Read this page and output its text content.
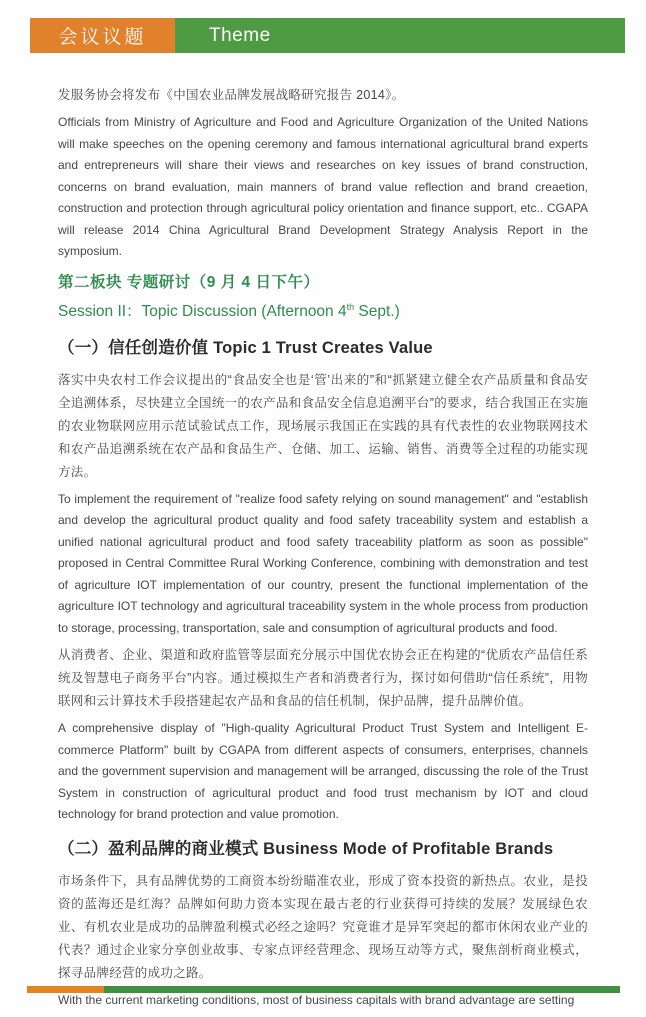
会议议题	Theme

发服务协会将发布《中国农业品牌发展战略研究报告 2014》。

Officials from Ministry of Agriculture and Food and Agriculture Organization of the United Nations will make speeches on the opening ceremony and famous international agricultural brand experts and entrepreneurs will share their views and researches on key issues of brand construction, concerns on brand evaluation, main manners of brand value reflection and brand creaetion, construction and protection through agricultural policy orientation and finance support, etc.. CGAPA will release 2014 China Agricultural Brand Development Strategy Analysis Report in the symposium.

第二板块 专题研讨（9 月 4 日下午）
Session II：Topic Discussion (Afternoon 4th Sept.)
（一）信任创造价值 Topic 1 Trust Creates Value

落实中央农村工作会议提出的“食品安全也是‘管’出来的”和“抓紧建立健全农产品质量和食品安全追溯体系，尽快建立全国统一的农产品和食品安全信息追溯平台”的要求，结合我国正在实施的农业物联网应用示范试验试点工作，现场展示我国正在实践的具有代表性的农业物联网技术和农产品追溯系统在农产品和食品生产、仓储、加工、运输、销售、消费等全过程的功能实现方法。

To implement the requirement of "realize food safety relying on sound management" and "establish and develop the agricultural product quality and food safety traceability system and establish a unified national agricultural product and food safety traceability platform as soon as possible" proposed in Central Committee Rural Working Conference, combining with demonstration and test of agriculture IOT implementation of our country, present the functional implementation of the agriculture IOT technology and agricultural traceability system in the whole process from production to storage, processing, transportation, sale and consumption of agricultural products and food.

从消费者、企业、渠道和政府监管等层面充分展示中国优农协会正在构建的“优质农产品信任系统及智慧电子商务平台”内容。通过模拟生产者和消费者行为，探讨如何借助“信任系统”，用物联网和云计算技术手段搭建起农产品和食品的信任机制，保护品牌，提升品牌价值。

A comprehensive display of "High-quality Agricultural Product Trust System and Intelligent E-commerce Platform" built by CGAPA from different aspects of consumers, enterprises, channels and the government supervision and management will be arranged, discussing the role of the Trust System in construction of agricultural product and food trust mechanism by IOT and cloud technology for brand protection and value promotion.

（二）盈利品牌的商业模式 Business Mode of Profitable Brands

市场条件下，具有品牌优势的工商资本纷纷瞄准农业，形成了资本投资的新热点。农业，是投资的蓝海还是红海？品牌如何助力资本实现在最古老的行业获得可持续的发展？发展绿色农业、有机农业是成功的品牌盈利模式必经之途吗？究竟谁才是异军突起的都市休闲农业产业的代表？通过企业家分享创业故事、专家点评经营理念、现场互动等方式，聚焦剖析商业模式，探寻品牌经营的成功之路。

With the current marketing conditions, most of business capitals with brand advantage are setting
